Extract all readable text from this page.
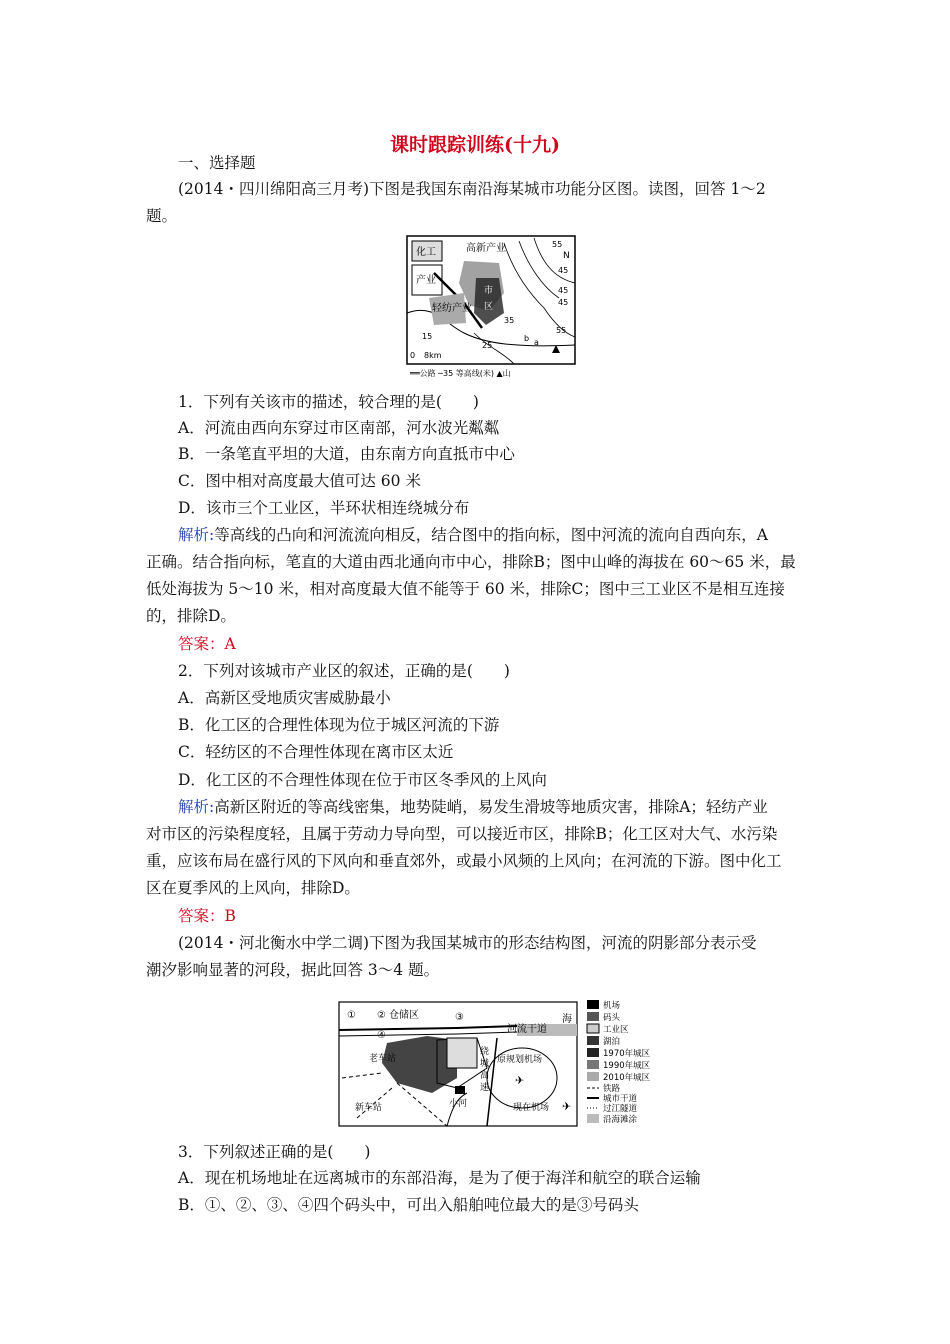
课时跟踪训练(十九)
一、选择题
(2014・四川绵阳高三月考)下图是我国东南沿海某城市功能分区图。读图，回答 1～2
题。
化工	高新产业
产业
轻纺产业
市
区
N
55
45
45
45
15
25
35
55
a
b
0 8km
══公路 ─35 等高线(米) ▲山
1．下列有关该市的描述，较合理的是(　　)
A．河流由西向东穿过市区南部，河水波光粼粼
B．一条笔直平坦的大道，由东南方向直抵市中心
C．图中相对高度最大值可达 60 米
D．该市三个工业区，半环状相连绕城分布
解析:等高线的凸向和河流流向相反，结合图中的指向标，图中河流的流向自西向东，A
正确。结合指向标，笔直的大道由西北通向市中心，排除B；图中山峰的海拔在 60～65 米，最
低处海拔为 5～10 米，相对高度最大值不能等于 60 米，排除C；图中三工业区不是相互连接
的，排除D。
答案：A
2．下列对该城市产业区的叙述，正确的是(　　)
A．高新区受地质灾害威胁最小
B．化工区的合理性体现为位于城区河流的下游
C．轻纺区的不合理性体现在离市区太近
D．化工区的不合理性体现在位于市区冬季风的上风向
解析:高新区附近的等高线密集，地势陡峭，易发生滑坡等地质灾害，排除A；轻纺产业
对市区的污染程度轻，且属于劳动力导向型，可以接近市区，排除B；化工区对大气、水污染
重，应该布局在盛行风的下风向和垂直郊外，或最小风频的上风向；在河流的下游。图中化工
区在夏季风的上风向，排除D。
答案：B
(2014・河北衡水中学二调)下图为我国某城市的形态结构图，河流的阴影部分表示受
潮汐影响显著的河段，据此回答 3～4 题。
① ②	③
④
仓储区
河流干道
海
老车站
新车站	小河
绕
城
高
速
原规划机场
现在机场
✈
✈
机场
码头
工业区
湖泊
1970年城区
1990年城区
2010年城区
铁路
城市干道
过江隧道
沿海滩涂
3．下列叙述正确的是(　　)
A．现在机场地址在远离城市的东部沿海，是为了便于海洋和航空的联合运输
B．①、②、③、④四个码头中，可出入船舶吨位最大的是③号码头
